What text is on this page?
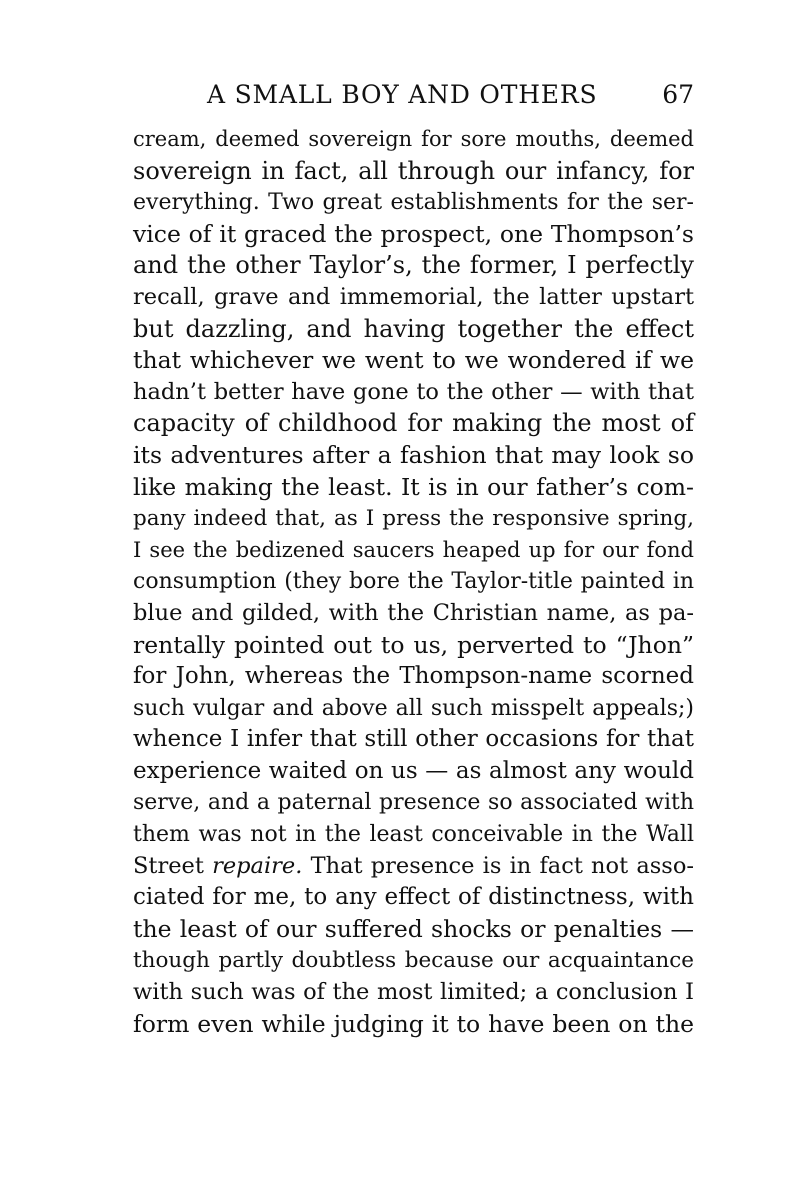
A SMALL BOY AND OTHERS	67
cream, deemed sovereign for sore mouths, deemed
sovereign in fact, all through our infancy, for
everything. Two great establishments for the ser-
vice of it graced the prospect, one Thompson’s
and the other Taylor’s, the former, I perfectly
recall, grave and immemorial, the latter upstart
but dazzling, and having together the effect
that whichever we went to we wondered if we
hadn’t better have gone to the other — with that
capacity of childhood for making the most of
its adventures after a fashion that may look so
like making the least. It is in our father’s com-
pany indeed that, as I press the responsive spring,
I see the bedizened saucers heaped up for our fond
consumption (they bore the Taylor-title painted in
blue and gilded, with the Christian name, as pa-
rentally pointed out to us, perverted to “Jhon”
for John, whereas the Thompson-name scorned
such vulgar and above all such misspelt appeals;)
whence I infer that still other occasions for that
experience waited on us — as almost any would
serve, and a paternal presence so associated with
them was not in the least conceivable in the Wall
Street repaire. That presence is in fact not asso-
ciated for me, to any effect of distinctness, with
the least of our suffered shocks or penalties —
though partly doubtless because our acquaintance
with such was of the most limited; a conclusion I
form even while judging it to have been on the
